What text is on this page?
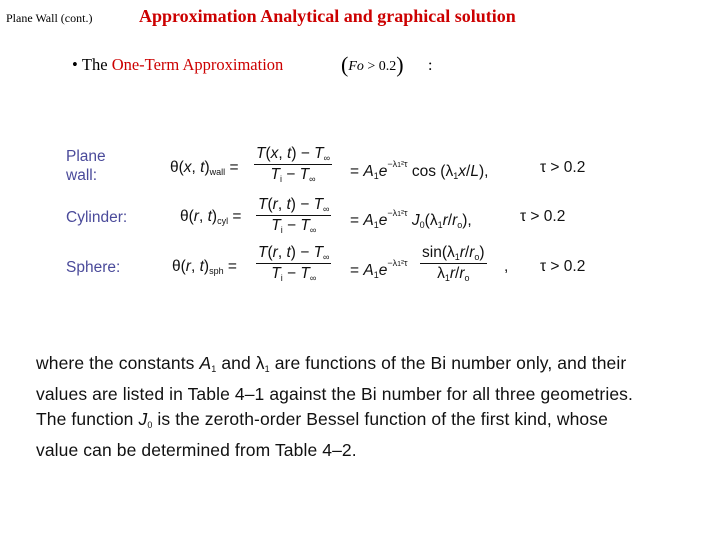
Plane Wall (cont.)	Approximation Analytical and graphical solution
• The One-Term Approximation	(Fo > 0.2) :
Plane
wall:	θ(x, $t)_{wall} = \frac{T(x, t) - T_\infty}{T_i - T_\infty} = A_1e^{-\lambda 1^2\tau}$ $\cos (\lambda_1x/L)$,	τ > 0.2
Cylinder:	θ(r, $t)_{cyl} = \frac{T(r, t) - T_\infty}{T_i - T_\infty} = A_1e^{-\lambda 1^2\tau}$ $J_0(\lambda_1r/r_o)$,	τ > 0.2
Sphere:	θ(r, $t)_{sph} = \frac{T(r, t) - T_\infty}{T_i - T_\infty} = A_1e^{-\lambda 1^2\tau} \frac{\sin(\lambda_1r/r_o)}{\lambda_1r/r_o}$ , τ > 0.2

where the constants $A_1$ and $\lambda_1$ are functions of the Bi number only, and their

values are listed in Table 4–1 against the Bi number for all three geometries.

The function $J_0$ is the zeroth-order Bessel function of the first kind, whose

value can be determined from Table 4–2.
